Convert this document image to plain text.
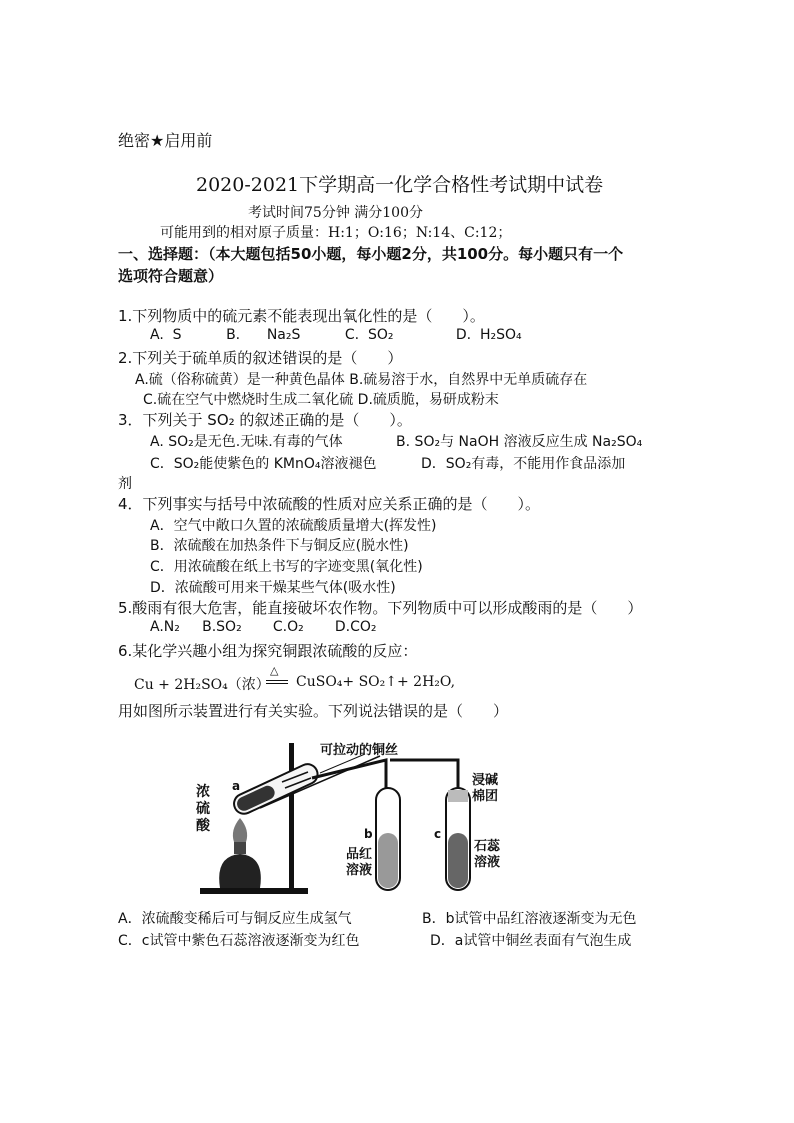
绝密★启用前
2020-2021下学期高一化学合格性考试期中试卷
考试时间75分钟 满分100分
可能用到的相对原子质量：H:1；O:16；N:14、C:12；
一、选择题：（本大题包括50小题，每小题2分，共100分。每小题只有一个
选项符合题意）
1.下列物质中的硫元素不能表现出氧化性的是（　　）。
A.  S          B.      Na₂S          C.  SO₂              D.  H₂SO₄
2.下列关于硫单质的叙述错误的是（　　）
A.硫（俗称硫黄）是一种黄色晶体 B.硫易溶于水，自然界中无单质硫存在
C.硫在空气中燃烧时生成二氧化硫 D.硫质脆，易研成粉末
3．下列关于 SO₂ 的叙述正确的是（　　）。
A. SO₂是无色.无味.有毒的气体            B. SO₂与 NaOH 溶液反应生成 Na₂SO₄
C．SO₂能使紫色的 KMnO₄溶液褪色          D．SO₂有毒，不能用作食品添加
剂
4．下列事实与括号中浓硫酸的性质对应关系正确的是（　　）。
A．空气中敞口久置的浓硫酸质量增大(挥发性)
B．浓硫酸在加热条件下与铜反应(脱水性)
C．用浓硫酸在纸上书写的字迹变黑(氧化性)
D．浓硫酸可用来干燥某些气体(吸水性)
5.酸雨有很大危害，能直接破坏农作物。下列物质中可以形成酸雨的是（　　）
A.N₂     B.SO₂       C.O₂       D.CO₂
6.某化学兴趣小组为探究铜跟浓硫酸的反应：
Cu + 2H₂SO₄（浓）
△
CuSO₄+ SO₂↑+ 2H₂O,
用如图所示装置进行有关实验。下列说法错误的是（　　）
可拉动的铜丝
浓
硫
酸
a
b	c
品红
溶液
浸碱
棉团
石蕊
溶液
A．浓硫酸变稀后可与铜反应生成氢气	B．b试管中品红溶液逐渐变为无色
C．c试管中紫色石蕊溶液逐渐变为红色	D．a试管中铜丝表面有气泡生成
